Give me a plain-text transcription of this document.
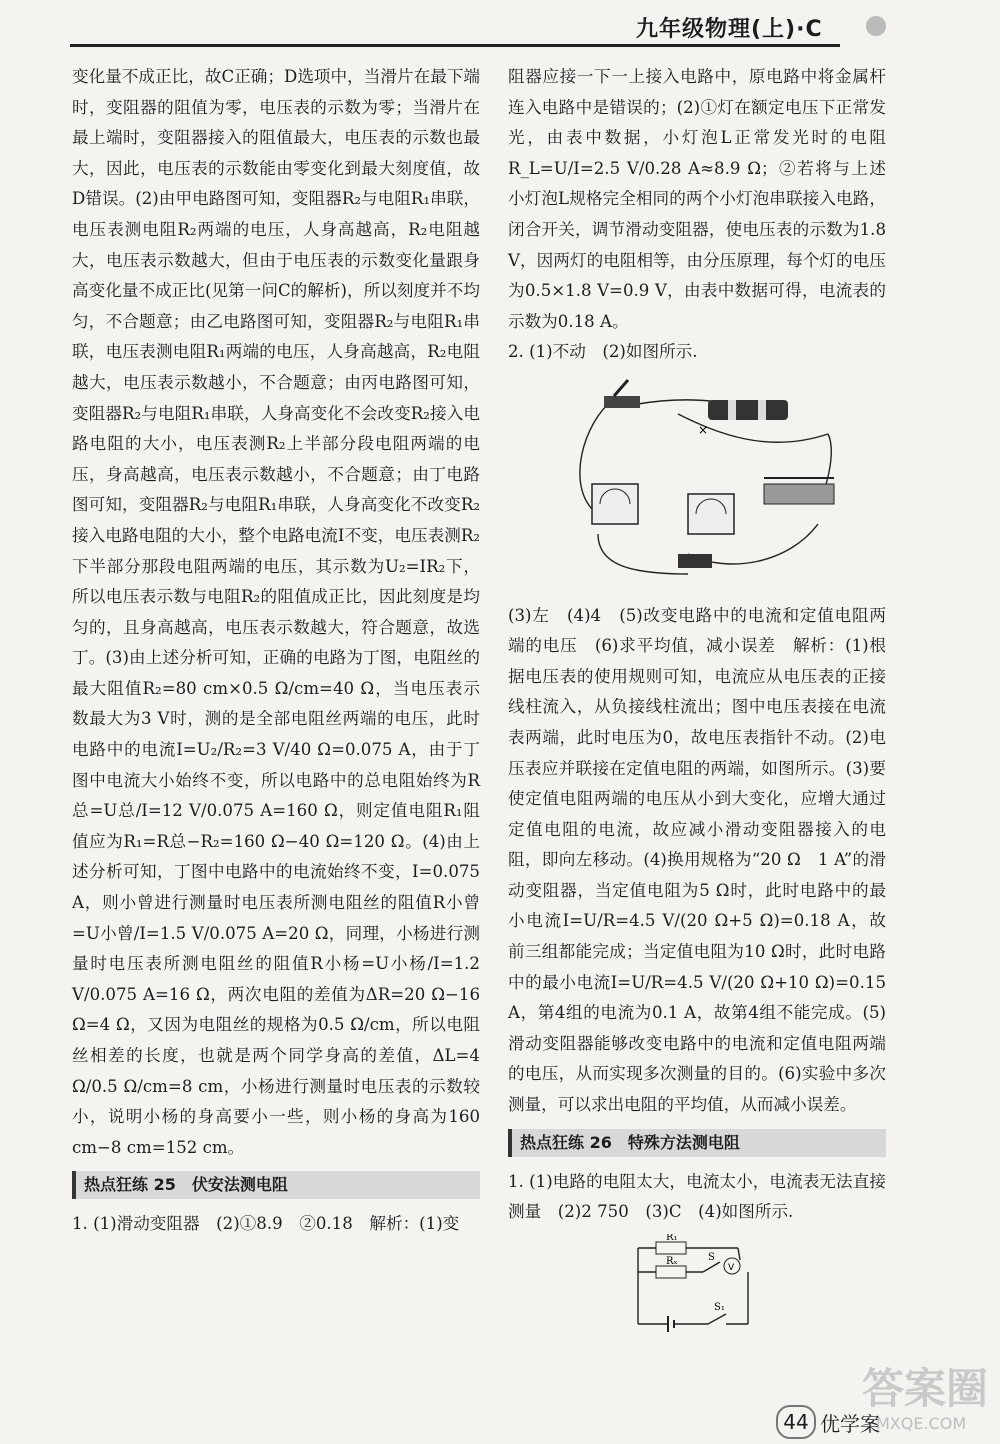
九年级物理(上)·C

变化量不成正比，故C正确；D选项中，当滑片在最下端时，变阻器的阻值为零，电压表的示数为零；当滑片在最上端时，变阻器接入的阻值最大，电压表的示数也最大，因此，电压表的示数能由零变化到最大刻度值，故D错误。(2)由甲电路图可知，变阻器R₂与电阻R₁串联，电压表测电阻R₂两端的电压，人身高越高，R₂电阻越大，电压表示数越大，但由于电压表的示数变化量跟身高变化量不成正比(见第一问C的解析)，所以刻度并不均匀，不合题意；由乙电路图可知，变阻器R₂与电阻R₁串联，电压表测电阻R₁两端的电压，人身高越高，R₂电阻越大，电压表示数越小，不合题意；由丙电路图可知，变阻器R₂与电阻R₁串联，人身高变化不会改变R₂接入电路电阻的大小，电压表测R₂上半部分段电阻两端的电压，身高越高，电压表示数越小，不合题意；由丁电路图可知，变阻器R₂与电阻R₁串联，人身高变化不改变R₂接入电路电阻的大小，整个电路电流I不变，电压表测R₂下半部分那段电阻两端的电压，其示数为U₂=IR₂下，所以电压表示数与电阻R₂的阻值成正比，因此刻度是均匀的，且身高越高，电压表示数越大，符合题意，故选丁。(3)由上述分析可知，正确的电路为丁图，电阻丝的最大阻值R₂=80 cm×0.5 Ω/cm=40 Ω，当电压表示数最大为3 V时，测的是全部电阻丝两端的电压，此时电路中的电流I=U₂/R₂=3 V/40 Ω=0.075 A，由于丁图中电流大小始终不变，所以电路中的总电阻始终为R总=U总/I=12 V/0.075 A=160 Ω，则定值电阻R₁阻值应为R₁=R总−R₂=160 Ω−40 Ω=120 Ω。(4)由上述分析可知，丁图中电路中的电流始终不变，I=0.075 A，则小曾进行测量时电压表所测电阻丝的阻值R小曾=U小曾/I=1.5 V/0.075 A=20 Ω，同理，小杨进行测量时电压表所测电阻丝的阻值R小杨=U小杨/I=1.2 V/0.075 A=16 Ω，两次电阻的差值为ΔR=20 Ω−16 Ω=4 Ω，又因为电阻丝的规格为0.5 Ω/cm，所以电阻丝相差的长度，也就是两个同学身高的差值，ΔL=4 Ω/0.5 Ω/cm=8 cm，小杨进行测量时电压表的示数较小，说明小杨的身高要小一些，则小杨的身高为160 cm−8 cm=152 cm。

热点狂练 25　伏安法测电阻

1. (1)滑动变阻器　(2)①8.9　②0.18　解析：(1)变

阻器应接一下一上接入电路中，原电路中将金属杆连入电路中是错误的；(2)①灯在额定电压下正常发光，由表中数据，小灯泡L正常发光时的电阻R_L=U/I=2.5 V/0.28 A≈8.9 Ω；②若将与上述小灯泡L规格完全相同的两个小灯泡串联接入电路，闭合开关，调节滑动变阻器，使电压表的示数为1.8 V，因两灯的电阻相等，由分压原理，每个灯的电压为0.5×1.8 V=0.9 V，由表中数据可得，电流表的示数为0.18 A。

2. (1)不动　(2)如图所示.

×

(3)左　(4)4　(5)改变电路中的电流和定值电阻两端的电压　(6)求平均值，减小误差　解析：(1)根据电压表的使用规则可知，电流应从电压表的正接线柱流入，从负接线柱流出；图中电压表接在电流表两端，此时电压为0，故电压表指针不动。(2)电压表应并联接在定值电阻的两端，如图所示。(3)要使定值电阻两端的电压从小到大变化，应增大通过定值电阻的电流，故应减小滑动变阻器接入的电阻，即向左移动。(4)换用规格为“20 Ω　1 A”的滑动变阻器，当定值电阻为5 Ω时，此时电路中的最小电流I=U/R=4.5 V/(20 Ω+5 Ω)=0.18 A，故前三组都能完成；当定值电阻为10 Ω时，此时电路中的最小电流I=U/R=4.5 V/(20 Ω+10 Ω)=0.15 A，第4组的电流为0.1 A，故第4组不能完成。(5)滑动变阻器能够改变电路中的电流和定值电阻两端的电压，从而实现多次测量的目的。(6)实验中多次测量，可以求出电阻的平均值，从而减小误差。

热点狂练 26　特殊方法测电阻

1. (1)电路的电阻太大，电流太小，电流表无法直接测量　(2)2 750　(3)C　(4)如图所示.

R₁
Rₓ	S
V
S₁
44 优学案
答案圈
MXQE.COM
